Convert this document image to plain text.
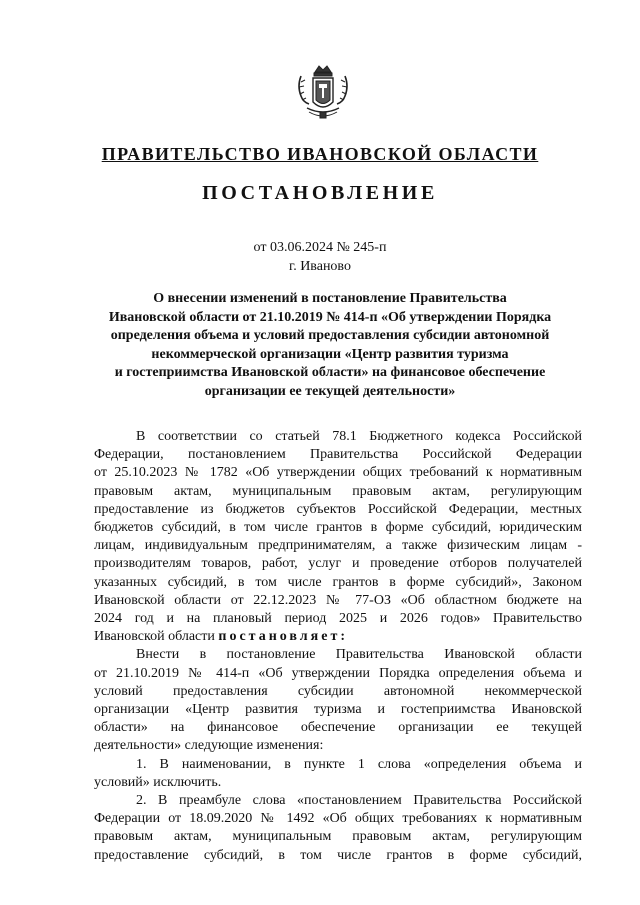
ПРАВИТЕЛЬСТВО ИВАНОВСКОЙ ОБЛАСТИ
ПОСТАНОВЛЕНИЕ
от 03.06.2024 № 245-п
г. Иваново
О внесении изменений в постановление Правительства
Ивановской области от 21.10.2019 № 414-п «Об утверждении Порядка
определения объема и условий предоставления субсидии автономной
некоммерческой организации «Центр развития туризма
и гостеприимства Ивановской области» на финансовое обеспечение
организации ее текущей деятельности»
В соответствии со статьей 78.1 Бюджетного кодекса Российской
Федерации, постановлением Правительства Российской Федерации
от 25.10.2023 № 1782 «Об утверждении общих требований к нормативным
правовым актам, муниципальным правовым актам, регулирующим
предоставление из бюджетов субъектов Российской Федерации, местных
бюджетов субсидий, в том числе грантов в форме субсидий, юридическим
лицам, индивидуальным предпринимателям, а также физическим лицам -
производителям товаров, работ, услуг и проведение отборов получателей
указанных субсидий, в том числе грантов в форме субсидий», Законом
Ивановской области от 22.12.2023 № 77-ОЗ «Об областном бюджете на
2024 год и на плановый период 2025 и 2026 годов» Правительство
Ивановской области постановляет:
Внести в постановление Правительства Ивановской области
от 21.10.2019 № 414-п «Об утверждении Порядка определения объема и
условий предоставления субсидии автономной некоммерческой
организации «Центр развития туризма и гостеприимства Ивановской
области» на финансовое обеспечение организации ее текущей
деятельности» следующие изменения:
1. В наименовании, в пункте 1 слова «определения объема и
условий» исключить.
2. В преамбуле слова «постановлением Правительства Российской
Федерации от 18.09.2020 № 1492 «Об общих требованиях к нормативным
правовым актам, муниципальным правовым актам, регулирующим
предоставление субсидий, в том числе грантов в форме субсидий,
